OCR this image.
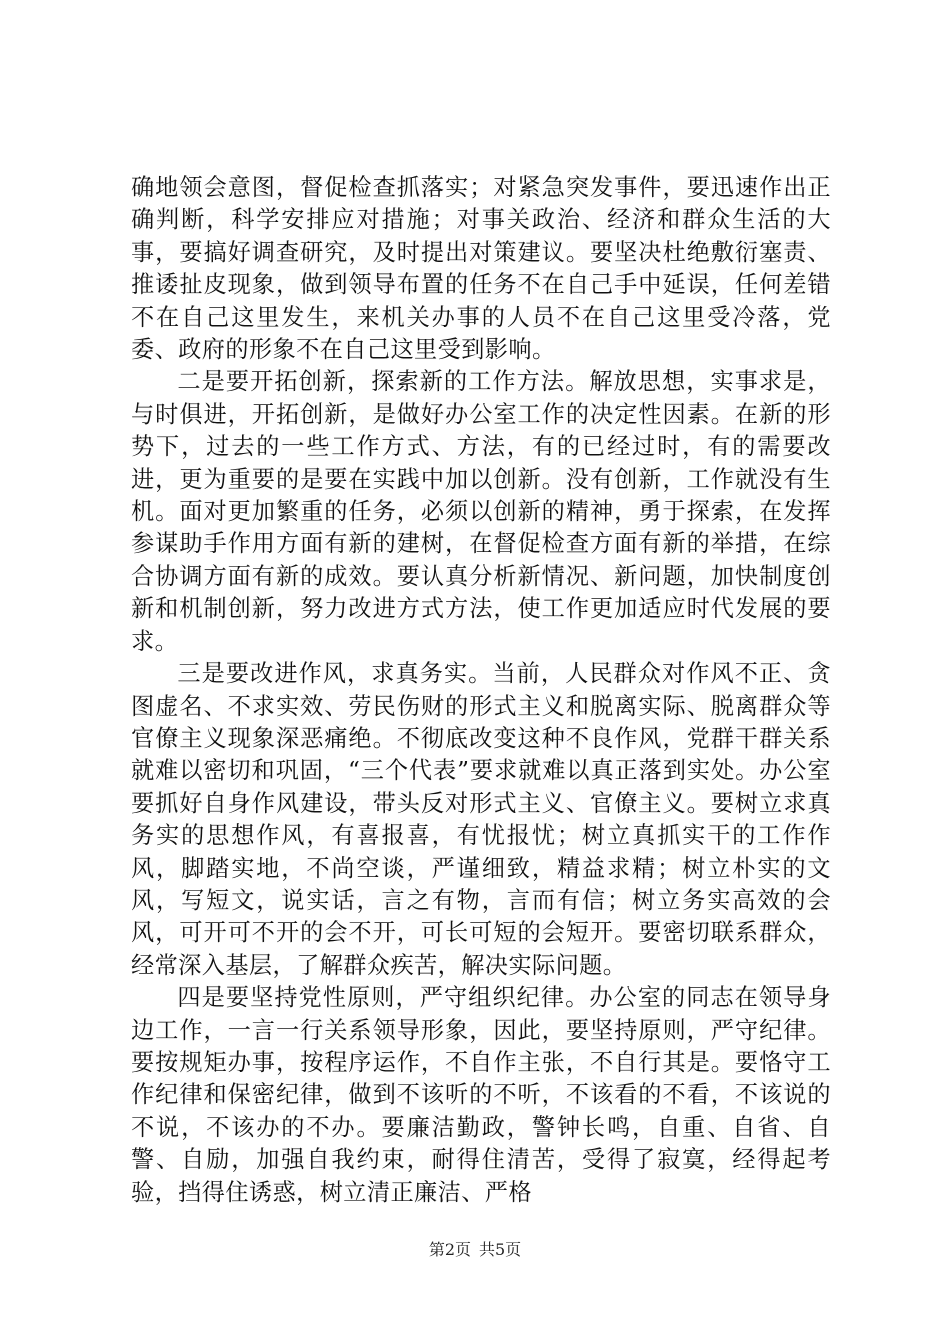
确地领会意图，督促检查抓落实；对紧急突发事件，要迅速作出正确判断，科学安排应对措施；对事关政治、经济和群众生活的大事，要搞好调查研究，及时提出对策建议。要坚决杜绝敷衍塞责、推诿扯皮现象，做到领导布置的任务不在自己手中延误，任何差错不在自己这里发生，来机关办事的人员不在自己这里受冷落，党委、政府的形象不在自己这里受到影响。

二是要开拓创新，探索新的工作方法。解放思想，实事求是，与时俱进，开拓创新，是做好办公室工作的决定性因素。在新的形势下，过去的一些工作方式、方法，有的已经过时，有的需要改进，更为重要的是要在实践中加以创新。没有创新，工作就没有生机。面对更加繁重的任务，必须以创新的精神，勇于探索，在发挥参谋助手作用方面有新的建树，在督促检查方面有新的举措，在综合协调方面有新的成效。要认真分析新情况、新问题，加快制度创新和机制创新，努力改进方式方法，使工作更加适应时代发展的要求。

三是要改进作风，求真务实。当前，人民群众对作风不正、贪图虚名、不求实效、劳民伤财的形式主义和脱离实际、脱离群众等官僚主义现象深恶痛绝。不彻底改变这种不良作风，党群干群关系就难以密切和巩固，“三个代表”要求就难以真正落到实处。办公室要抓好自身作风建设，带头反对形式主义、官僚主义。要树立求真务实的思想作风，有喜报喜，有忧报忧；树立真抓实干的工作作风，脚踏实地，不尚空谈，严谨细致，精益求精；树立朴实的文风，写短文，说实话，言之有物，言而有信；树立务实高效的会风，可开可不开的会不开，可长可短的会短开。要密切联系群众，经常深入基层，了解群众疾苦，解决实际问题。

四是要坚持党性原则，严守组织纪律。办公室的同志在领导身边工作，一言一行关系领导形象，因此，要坚持原则，严守纪律。要按规矩办事，按程序运作，不自作主张，不自行其是。要恪守工作纪律和保密纪律，做到不该听的不听，不该看的不看，不该说的不说，不该办的不办。要廉洁勤政，警钟长鸣，自重、自省、自警、自励，加强自我约束，耐得住清苦，受得了寂寞，经得起考验，挡得住诱惑，树立清正廉洁、严格

第2页 共5页
